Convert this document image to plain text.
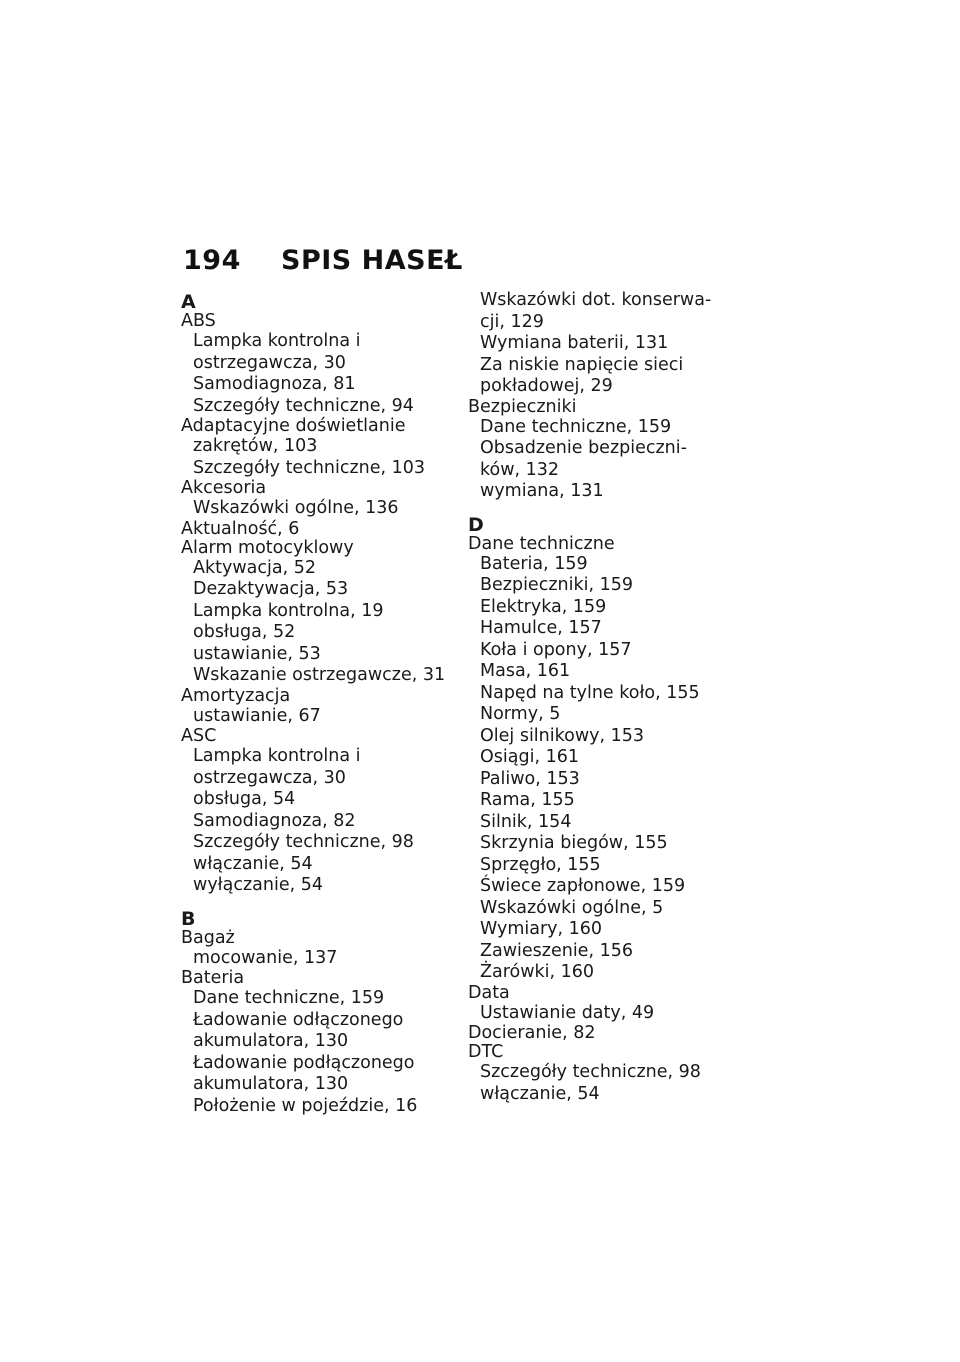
194	SPIS HASEŁ
A
ABS
Lampka kontrolna i
ostrzegawcza, 30
Samodiagnoza, 81
Szczegóły techniczne, 94
Adaptacyjne doświetlanie
zakrętów, 103
Szczegóły techniczne, 103
Akcesoria
Wskazówki ogólne, 136
Aktualność, 6
Alarm motocyklowy
Aktywacja, 52
Dezaktywacja, 53
Lampka kontrolna, 19
obsługa, 52
ustawianie, 53
Wskazanie ostrzegawcze, 31
Amortyzacja
ustawianie, 67
ASC
Lampka kontrolna i
ostrzegawcza, 30
obsługa, 54
Samodiagnoza, 82
Szczegóły techniczne, 98
włączanie, 54
wyłączanie, 54
B
Bagaż
mocowanie, 137
Bateria
Dane techniczne, 159
Ładowanie odłączonego
akumulatora, 130
Ładowanie podłączonego
akumulatora, 130
Położenie w pojeździe, 16
Wskazówki dot. konserwa-
cji, 129
Wymiana baterii, 131
Za niskie napięcie sieci
pokładowej, 29
Bezpieczniki
Dane techniczne, 159
Obsadzenie bezpieczni-
ków, 132
wymiana, 131
D
Dane techniczne
Bateria, 159
Bezpieczniki, 159
Elektryka, 159
Hamulce, 157
Koła i opony, 157
Masa, 161
Napęd na tylne koło, 155
Normy, 5
Olej silnikowy, 153
Osiągi, 161
Paliwo, 153
Rama, 155
Silnik, 154
Skrzynia biegów, 155
Sprzęgło, 155
Świece zapłonowe, 159
Wskazówki ogólne, 5
Wymiary, 160
Zawieszenie, 156
Żarówki, 160
Data
Ustawianie daty, 49
Docieranie, 82
DTC
Szczegóły techniczne, 98
włączanie, 54
